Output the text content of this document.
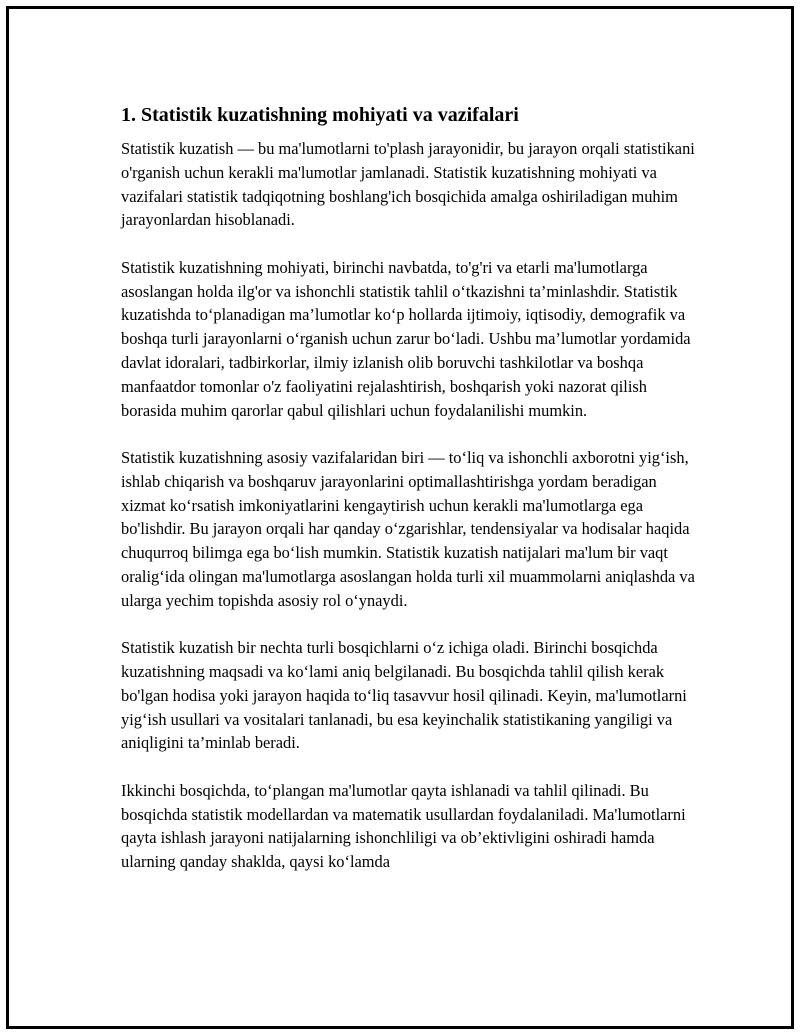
1. Statistik kuzatishning mohiyati va vazifalari

Statistik kuzatish — bu ma'lumotlarni to'plash jarayonidir, bu jarayon orqali statistikani o'rganish uchun kerakli ma'lumotlar jamlanadi. Statistik kuzatishning mohiyati va vazifalari statistik tadqiqotning boshlang'ich bosqichida amalga oshiriladigan muhim jarayonlardan hisoblanadi.

Statistik kuzatishning mohiyati, birinchi navbatda, to'g'ri va etarli ma'lumotlarga asoslangan holda ilg'or va ishonchli statistik tahlil o‘tkazishni ta’minlashdir. Statistik kuzatishda to‘planadigan ma’lumotlar ko‘p hollarda ijtimoiy, iqtisodiy, demografik va boshqa turli jarayonlarni o‘rganish uchun zarur bo‘ladi. Ushbu ma’lumotlar yordamida davlat idoralari, tadbirkorlar, ilmiy izlanish olib boruvchi tashkilotlar va boshqa manfaatdor tomonlar o'z faoliyatini rejalashtirish, boshqarish yoki nazorat qilish borasida muhim qarorlar qabul qilishlari uchun foydalanilishi mumkin.

Statistik kuzatishning asosiy vazifalaridan biri — to‘liq va ishonchli axborotni yig‘ish, ishlab chiqarish va boshqaruv jarayonlarini optimallashtirishga yordam beradigan xizmat ko‘rsatish imkoniyatlarini kengaytirish uchun kerakli ma'lumotlarga ega bo'lishdir. Bu jarayon orqali har qanday o‘zgarishlar, tendensiyalar va hodisalar haqida chuqurroq bilimga ega bo‘lish mumkin. Statistik kuzatish natijalari ma'lum bir vaqt oralig‘ida olingan ma'lumotlarga asoslangan holda turli xil muammolarni aniqlashda va ularga yechim topishda asosiy rol o‘ynaydi.

Statistik kuzatish bir nechta turli bosqichlarni o‘z ichiga oladi. Birinchi bosqichda kuzatishning maqsadi va ko‘lami aniq belgilanadi. Bu bosqichda tahlil qilish kerak bo'lgan hodisa yoki jarayon haqida to‘liq tasavvur hosil qilinadi. Keyin, ma'lumotlarni yig‘ish usullari va vositalari tanlanadi, bu esa keyinchalik statistikaning yangiligi va aniqligini ta’minlab beradi.

Ikkinchi bosqichda, to‘plangan ma'lumotlar qayta ishlanadi va tahlil qilinadi. Bu bosqichda statistik modellardan va matematik usullardan foydalaniladi. Ma'lumotlarni qayta ishlash jarayoni natijalarning ishonchliligi va ob’ektivligini oshiradi hamda ularning qanday shaklda, qaysi ko‘lamda
